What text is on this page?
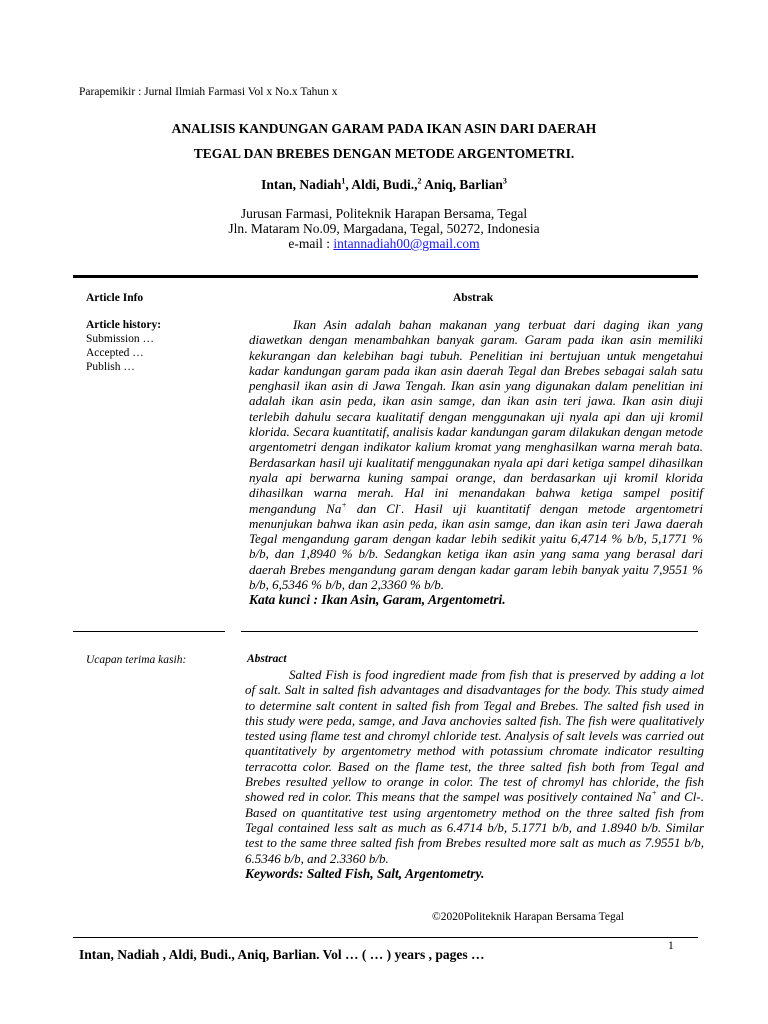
Parapemikir : Jurnal Ilmiah Farmasi Vol x No.x Tahun x
ANALISIS KANDUNGAN GARAM PADA IKAN ASIN DARI DAERAH
TEGAL DAN BREBES DENGAN METODE ARGENTOMETRI.
Intan, Nadiah$^1$, Aldi, Budi.,$^2$ Aniq, Barlian$^3$
Jurusan Farmasi, Politeknik Harapan Bersama, Tegal
Jln. Mataram No.09, Margadana, Tegal, 50272, Indonesia
e-mail : intannadiah00@gmail.com
Article Info	Abstrak
Article history:
Submission …
Accepted …
Publish …
Ikan Asin adalah bahan makanan yang terbuat dari daging ikan yang diawetkan dengan menambahkan banyak garam. Garam pada ikan asin memiliki kekurangan dan kelebihan bagi tubuh. Penelitian ini bertujuan untuk mengetahui kadar kandungan garam pada ikan asin daerah Tegal dan Brebes sebagai salah satu penghasil ikan asin di Jawa Tengah. Ikan asin yang digunakan dalam penelitian ini adalah ikan asin peda, ikan asin samge, dan ikan asin teri jawa. Ikan asin diuji terlebih dahulu secara kualitatif dengan menggunakan uji nyala api dan uji kromil klorida. Secara kuantitatif, analisis kadar kandungan garam dilakukan dengan metode argentometri dengan indikator kalium kromat yang menghasilkan warna merah bata. Berdasarkan hasil uji kualitatif menggunakan nyala api dari ketiga sampel dihasilkan nyala api berwarna kuning sampai orange, dan berdasarkan uji kromil klorida dihasilkan warna merah. Hal ini menandakan bahwa ketiga sampel positif mengandung Na+ dan Cl-. Hasil uji kuantitatif dengan metode argentometri menunjukan bahwa ikan asin peda, ikan asin samge, dan ikan asin teri Jawa daerah Tegal mengandung garam dengan kadar lebih sedikit yaitu 6,4714 % b/b, 5,1771 % b/b, dan 1,8940 % b/b. Sedangkan ketiga ikan asin yang sama yang berasal dari daerah Brebes mengandung garam dengan kadar garam lebih banyak yaitu 7,9551 % b/b, 6,5346 % b/b, dan 2,3360 % b/b.
Kata kunci : Ikan Asin, Garam, Argentometri.
Ucapan terima kasih:	Abstract
Salted Fish is food ingredient made from fish that is preserved by adding a lot of salt. Salt in salted fish advantages and disadvantages for the body. This study aimed to determine salt content in salted fish from Tegal and Brebes. The salted fish used in this study were peda, samge, and Java anchovies salted fish. The fish were qualitatively tested using flame test and chromyl chloride test. Analysis of salt levels was carried out quantitatively by argentometry method with potassium chromate indicator resulting terracotta color. Based on the flame test, the three salted fish both from Tegal and Brebes resulted yellow to orange in color. The test of chromyl has chloride, the fish showed red in color. This means that the sampel was positively contained Na+ and Cl-. Based on quantitative test using argentometry method on the three salted fish from Tegal contained less salt as much as 6.4714 b/b, 5.1771 b/b, and 1.8940 b/b. Similar test to the same three salted fish from Brebes resulted more salt as much as 7.9551 b/b, 6.5346 b/b, and 2.3360 b/b.
Keywords: Salted Fish, Salt, Argentometry.
©2020Politeknik Harapan Bersama Tegal
1
Intan, Nadiah , Aldi, Budi., Aniq, Barlian. Vol … ( … ) years , pages …
